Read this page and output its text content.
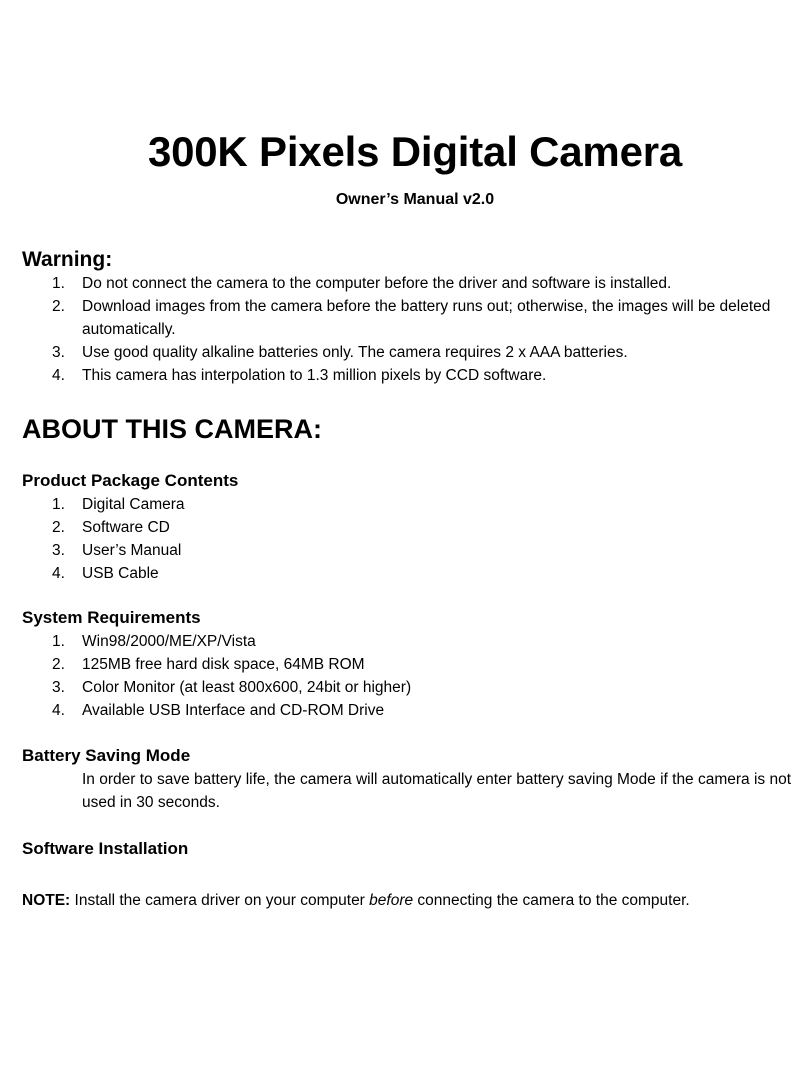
300K Pixels Digital Camera
Owner’s Manual v2.0
Warning:
1. Do not connect the camera to the computer before the driver and software is installed.
2. Download images from the camera before the battery runs out; otherwise, the images will be deleted automatically.
3. Use good quality alkaline batteries only. The camera requires 2 x AAA batteries.
4. This camera has interpolation to 1.3 million pixels by CCD software.
ABOUT THIS CAMERA:
Product Package Contents
1. Digital Camera
2. Software CD
3. User’s Manual
4. USB Cable
System Requirements
1. Win98/2000/ME/XP/Vista
2. 125MB free hard disk space, 64MB ROM
3. Color Monitor (at least 800x600, 24bit or higher)
4. Available USB Interface and CD-ROM Drive
Battery Saving Mode
In order to save battery life, the camera will automatically enter battery saving Mode if the camera is not used in 30 seconds.
Software Installation
NOTE: Install the camera driver on your computer before connecting the camera to the computer.
